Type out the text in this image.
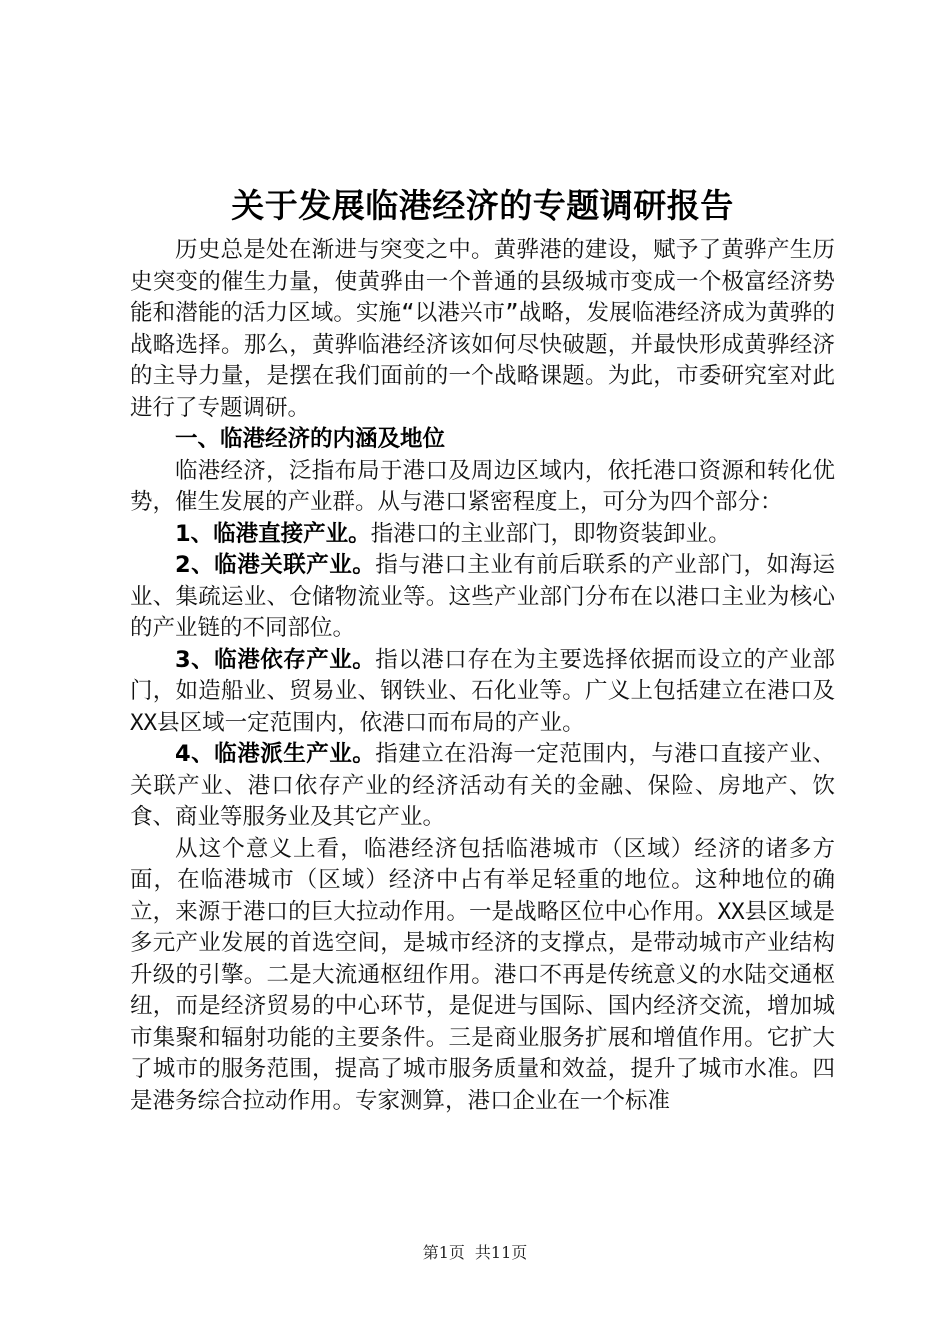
关于发展临港经济的专题调研报告

历史总是处在渐进与突变之中。黄骅港的建设，赋予了黄骅产生历史突变的催生力量，使黄骅由一个普通的县级城市变成一个极富经济势能和潜能的活力区域。实施“以港兴市”战略，发展临港经济成为黄骅的战略选择。那么，黄骅临港经济该如何尽快破题，并最快形成黄骅经济的主导力量，是摆在我们面前的一个战略课题。为此，市委研究室对此进行了专题调研。

一、临港经济的内涵及地位

临港经济，泛指布局于港口及周边区域内，依托港口资源和转化优势，催生发展的产业群。从与港口紧密程度上，可分为四个部分：

1、临港直接产业。指港口的主业部门，即物资装卸业。

2、临港关联产业。指与港口主业有前后联系的产业部门，如海运业、集疏运业、仓储物流业等。这些产业部门分布在以港口主业为核心的产业链的不同部位。

3、临港依存产业。指以港口存在为主要选择依据而设立的产业部门，如造船业、贸易业、钢铁业、石化业等。广义上包括建立在港口及XX县区域一定范围内，依港口而布局的产业。

4、临港派生产业。指建立在沿海一定范围内，与港口直接产业、关联产业、港口依存产业的经济活动有关的金融、保险、房地产、饮食、商业等服务业及其它产业。

从这个意义上看，临港经济包括临港城市（区域）经济的诸多方面，在临港城市（区域）经济中占有举足轻重的地位。这种地位的确立，来源于港口的巨大拉动作用。一是战略区位中心作用。XX县区域是多元产业发展的首选空间，是城市经济的支撑点，是带动城市产业结构升级的引擎。二是大流通枢纽作用。港口不再是传统意义的水陆交通枢纽，而是经济贸易的中心环节，是促进与国际、国内经济交流，增加城市集聚和辐射功能的主要条件。三是商业服务扩展和增值作用。它扩大了城市的服务范围，提高了城市服务质量和效益，提升了城市水准。四是港务综合拉动作用。专家测算，港口企业在一个标准

第1页 共11页
